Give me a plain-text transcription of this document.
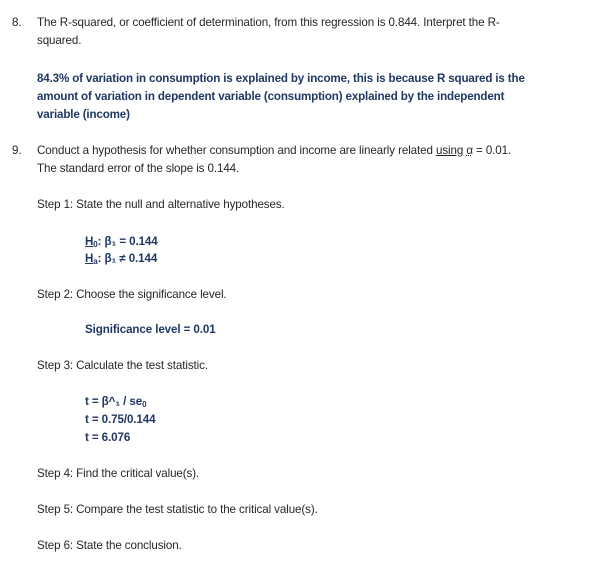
8. The R-squared, or coefficient of determination, from this regression is 0.844. Interpret the R-
squared.
84.3% of variation in consumption is explained by income, this is because R squared is the
amount of variation in dependent variable (consumption) explained by the independent
variable (income)
9. Conduct a hypothesis for whether consumption and income are linearly related using α = 0.01.
The standard error of the slope is 0.144.
Step 1: State the null and alternative hypotheses.
$H_0$: β₁ = 0.144
$H_a$: β₁ ≠ 0.144
Step 2: Choose the significance level.
Significance level = 0.01
Step 3: Calculate the test statistic.
t = β^₁ / $se_0$
t = 0.75/0.144
t = 6.076
Step 4: Find the critical value(s).
Step 5: Compare the test statistic to the critical value(s).
Step 6: State the conclusion.
